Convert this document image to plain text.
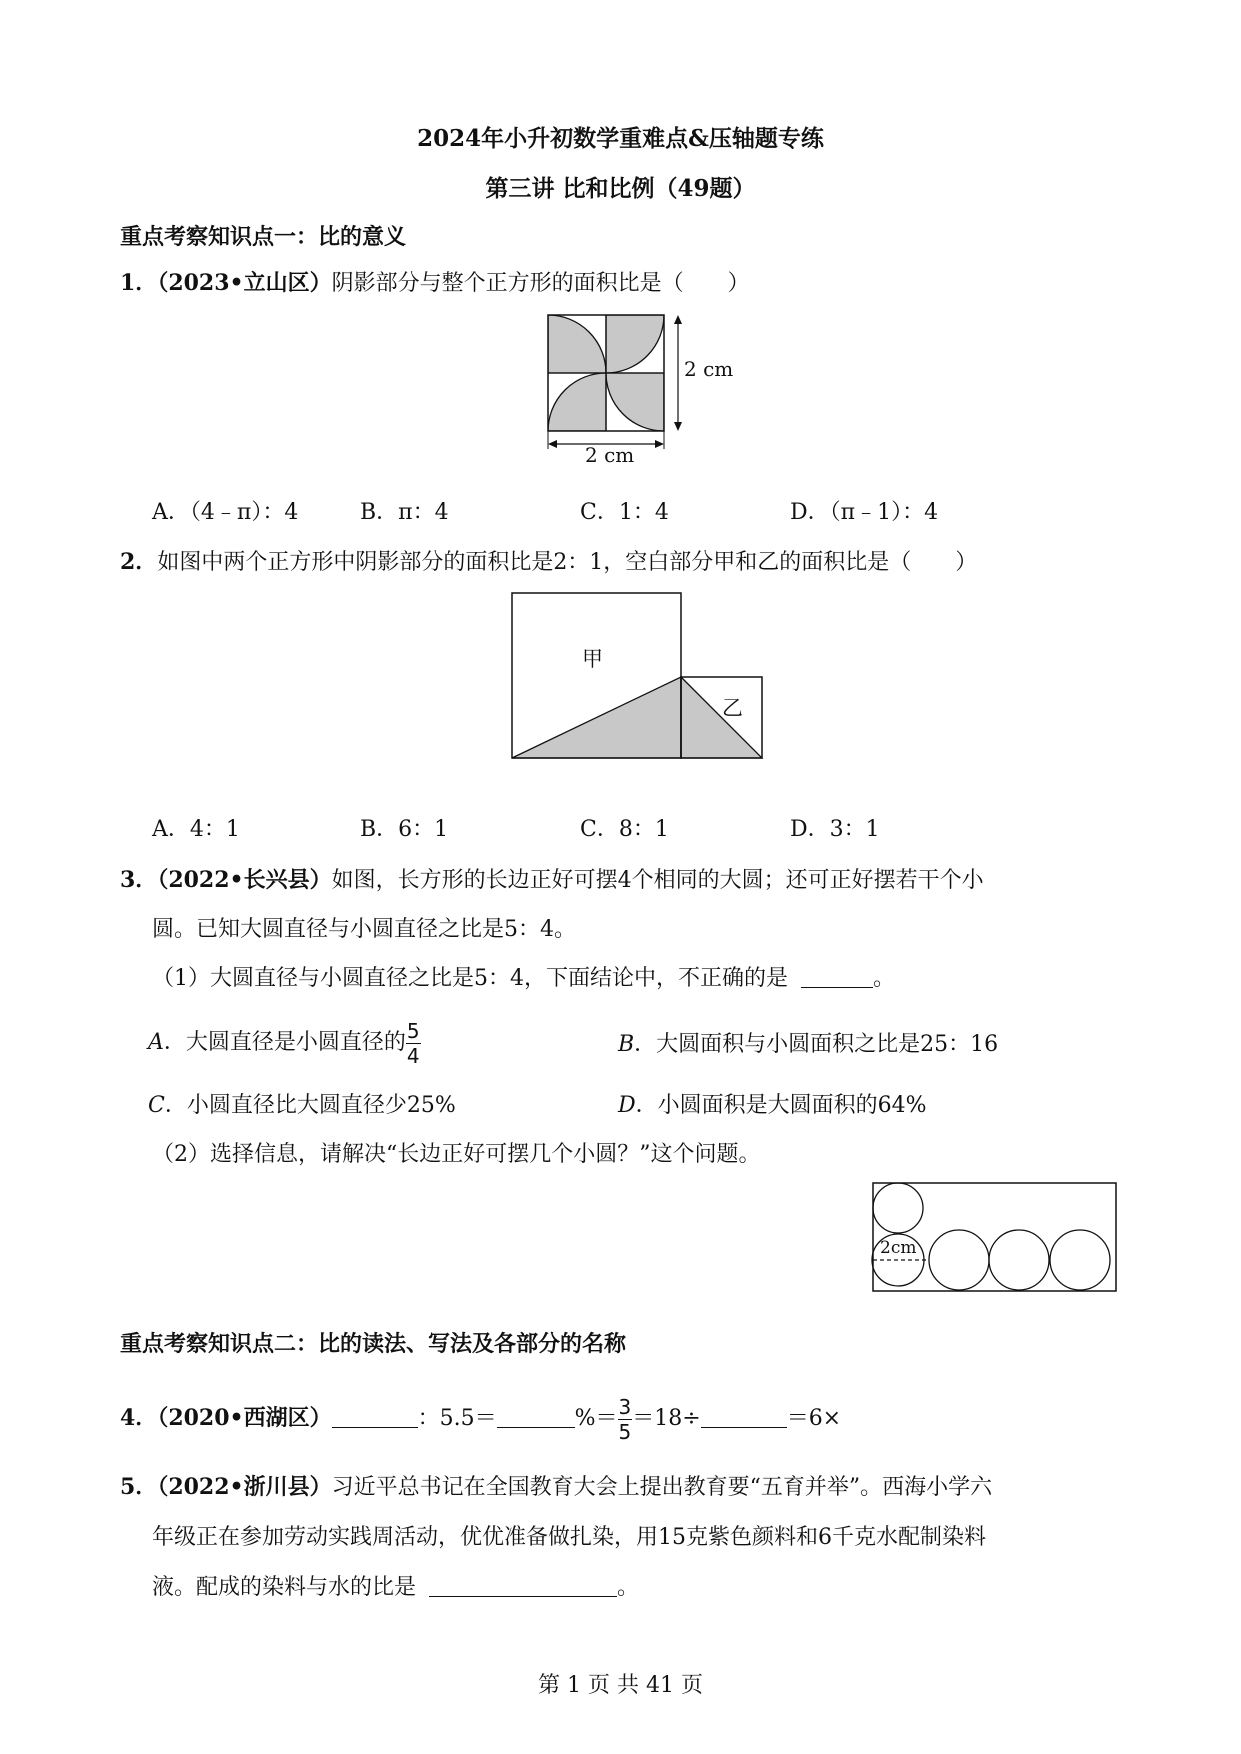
2024年小升初数学重难点&压轴题专练
第三讲 比和比例（49题）
重点考察知识点一：比的意义
1．（2023•立山区）阴影部分与整个正方形的面积比是（　　）
2 cm
2 cm
A．（4﹣π）：4	B．π：4	C．1：4	D．（π﹣1）：4
2．如图中两个正方形中阴影部分的面积比是2：1，空白部分甲和乙的面积比是（　　）
甲
乙
A．4：1	B．6：1	C．8：1	D．3：1
3．（2022•长兴县）如图，长方形的长边正好可摆4个相同的大圆；还可正好摆若干个小
圆。已知大圆直径与小圆直径之比是5：4。
（1）大圆直径与小圆直径之比是5：4，下面结论中，不正确的是	。
A．大圆直径是小圆直径的 $\frac{5}{4}$	B．大圆面积与小圆面积之比是25：16
C．小圆直径比大圆直径少25%	D．小圆面积是大圆面积的64%
（2）选择信息，请解决“长边正好可摆几个小圆？”这个问题。
2cm
重点考察知识点二：比的读法、写法及各部分的名称
4．（2020•西湖区）	：5.5＝	%＝ $\frac{3}{5} =18\div$	＝6×
5．（2022•浙川县）习近平总书记在全国教育大会上提出教育要“五育并举”。西海小学六
年级正在参加劳动实践周活动，优优准备做扎染，用15克紫色颜料和6千克水配制染料
液。配成的染料与水的比是	。
第 1 页 共 41 页
